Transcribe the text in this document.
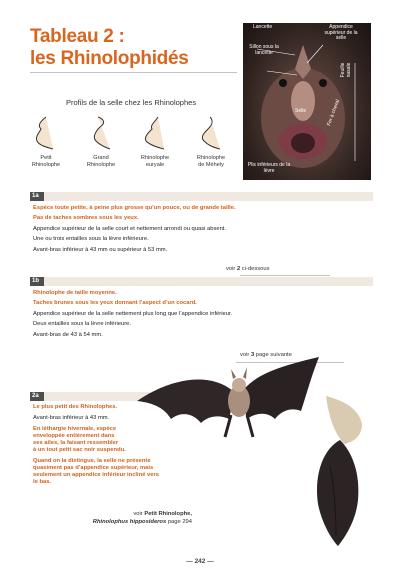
Tableau 2 :
les Rhinolophidés
Profils de la selle chez les Rhinolophes
Petit
Rhinolophe
Grand
Rhinolophe
Rhinolophe
euryale
Rhinolophe
de Méhely
Lancette	Appendice supérieur de la selle
Sillon sous la lancette
Selle
Feuille nasale
Fer à cheval
Plis inférieurs de la lèvre
1a
Espèce toute petite, à peine plus grosse qu’un pouce, ou de grande taille.
Pas de taches sombres sous les yeux.
Appendice supérieur de la selle court et nettement arrondi ou quasi absent.
Une ou trois entailles sous la lèvre inférieure.
Avant-bras inférieur à 43 mm ou supérieur à 53 mm.
voir 2 ci-dessous
1b
Rhinolophe de taille moyenne.
Taches brunes sous les yeux donnant l’aspect d’un cocard.
Appendice supérieur de la selle nettement plus long que l’appendice inférieur.
Deux entailles sous la lèvre inférieure.
Avant-bras de 43 à 54 mm.
voir 3 page suivante
2a
Le plus petit des Rhinolophes.
Avant-bras inférieur à 43 mm.
En léthargie hivernale, espèce
enveloppée entièrement dans
ses ailes, la faisant ressembler
à un tout petit sac noir suspendu.
Quand on la distingue, la selle ne présente
quasiment pas d’appendice supérieur, mais
seulement un appendice inférieur incliné vers
le bas.
voir Petit Rhinolophe,
Rhinolophus hipposideros page 294
— 242 —
